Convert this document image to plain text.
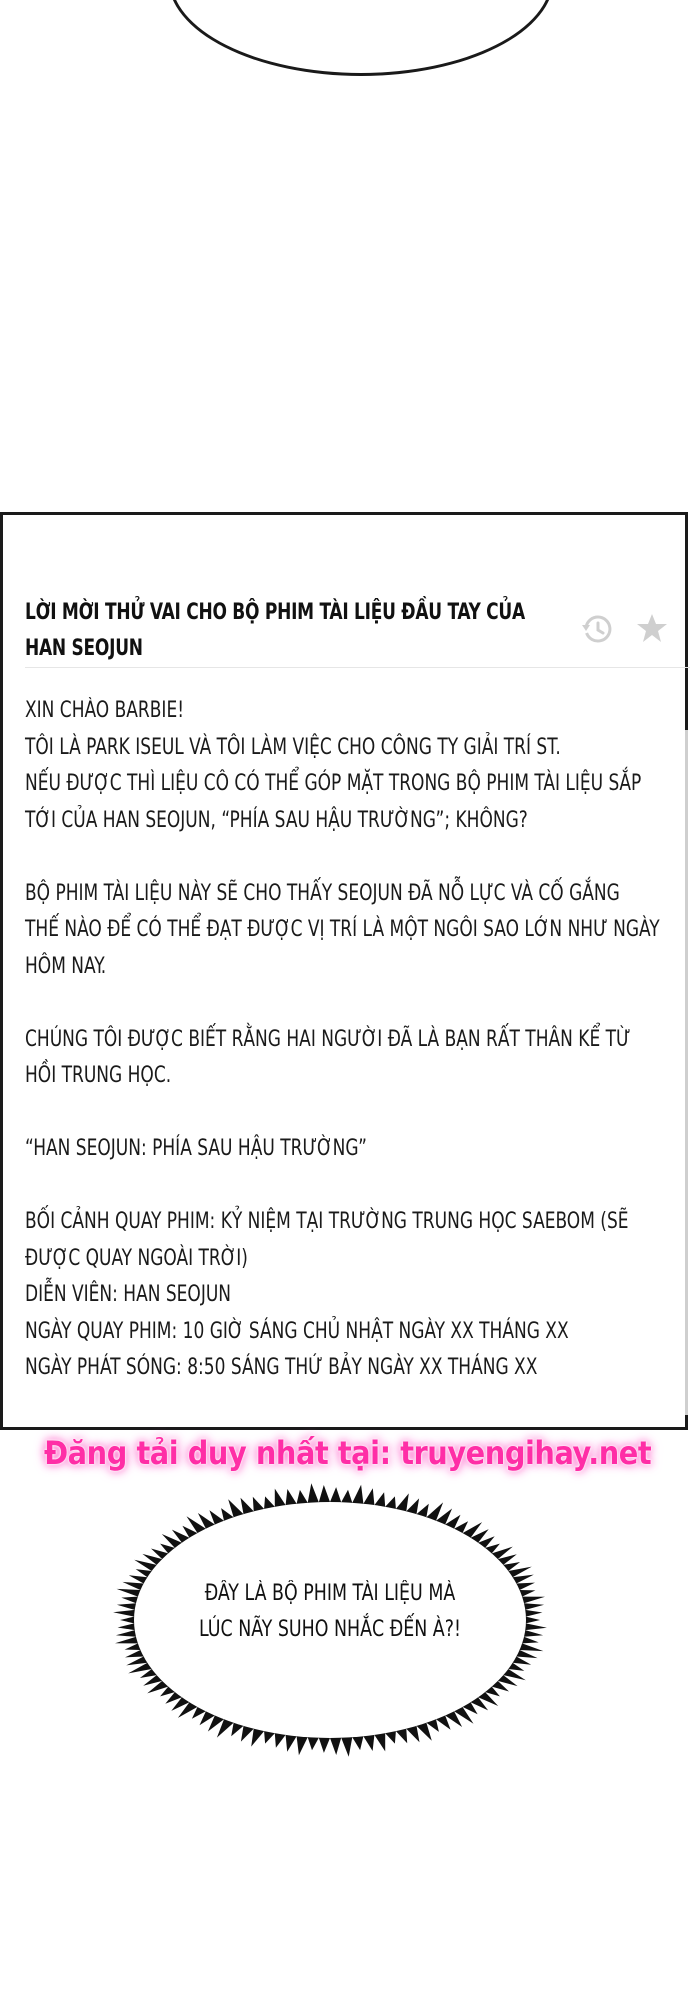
LỜI MỜI THỬ VAI CHO BỘ PHIM TÀI LIỆU ĐẦU TAY CỦA
HAN SEOJUN
XIN CHÀO BARBIE!
TÔI LÀ PARK ISEUL VÀ TÔI LÀM VIỆC CHO CÔNG TY GIẢI TRÍ ST.
NẾU ĐƯỢC THÌ LIỆU CÔ CÓ THỂ GÓP MẶT TRONG BỘ PHIM TÀI LIỆU SẮP
TỚI CỦA HAN SEOJUN, “PHÍA SAU HẬU TRƯỜNG”; KHÔNG?
BỘ PHIM TÀI LIỆU NÀY SẼ CHO THẤY SEOJUN ĐÃ NỖ LỰC VÀ CỐ GẮNG
THẾ NÀO ĐỂ CÓ THỂ ĐẠT ĐƯỢC VỊ TRÍ LÀ MỘT NGÔI SAO LỚN NHƯ NGÀY
HÔM NAY.
CHÚNG TÔI ĐƯỢC BIẾT RẰNG HAI NGƯỜI ĐÃ LÀ BẠN RẤT THÂN KỂ TỪ
HỒI TRUNG HỌC.
“HAN SEOJUN: PHÍA SAU HẬU TRƯỜNG”
BỐI CẢNH QUAY PHIM: KỶ NIỆM TẠI TRƯỜNG TRUNG HỌC SAEBOM (SẼ
ĐƯỢC QUAY NGOÀI TRỜI)
DIỄN VIÊN: HAN SEOJUN
NGÀY QUAY PHIM: 10 GIỜ SÁNG CHỦ NHẬT NGÀY XX THÁNG XX
NGÀY PHÁT SÓNG: 8:50 SÁNG THỨ BẢY NGÀY XX THÁNG XX
Đăng tải duy nhất tại: truyengihay.net
ĐÂY LÀ BỘ PHIM TÀI LIỆU MÀ
LÚC NÃY SUHO NHẮC ĐẾN À?!
